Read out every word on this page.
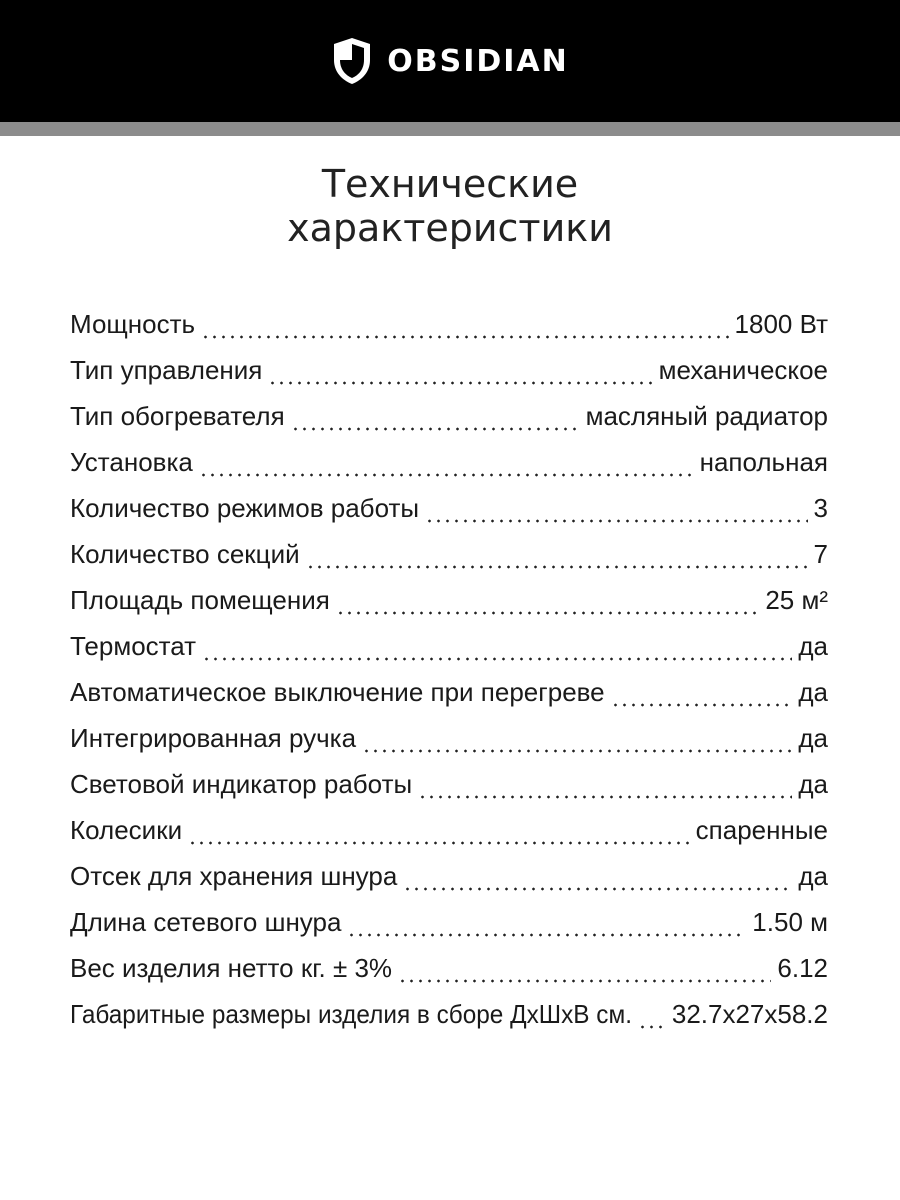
OBSIDIAN
Технические
характеристики
Мощность	1800 Вт
Тип управления	механическое
Тип обогревателя	масляный радиатор
Установка	напольная
Количество режимов работы	3
Количество секций	7
Площадь помещения	25 м²
Термостат	да
Автоматическое выключение при перегреве	да
Интегрированная ручка	да
Световой индикатор работы	да
Колесики	спаренные
Отсек для хранения шнура	да
Длина сетевого шнура	1.50 м
Вес изделия нетто кг. ± 3%	6.12
Габаритные размеры изделия в сборе ДхШхВ см. 32.7х27х58.2
